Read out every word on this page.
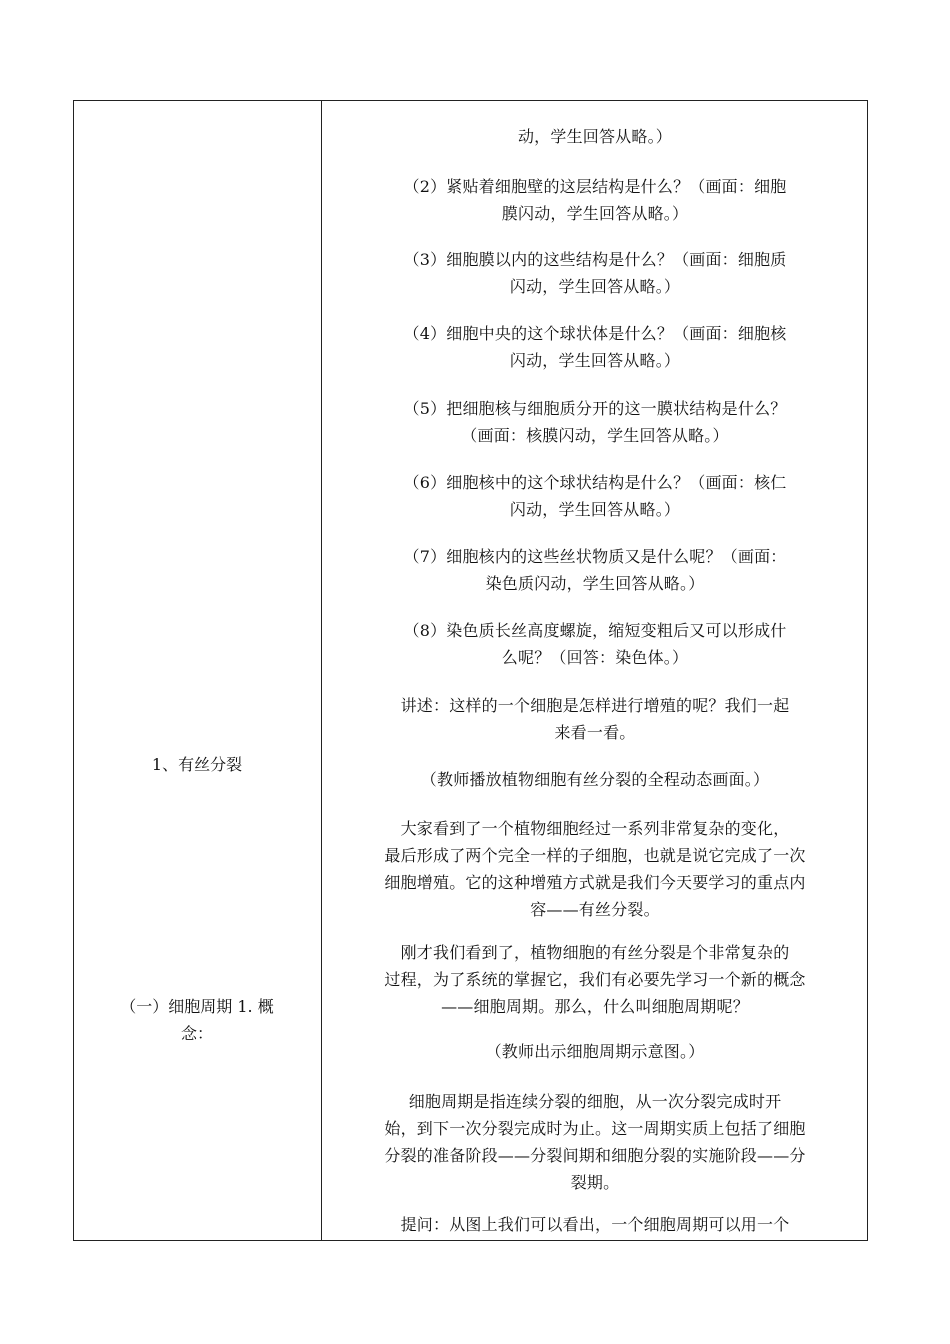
1、有丝分裂
（一）细胞周期 1. 概
念：
动，学生回答从略。）
（2）紧贴着细胞壁的这层结构是什么？（画面：细胞
膜闪动，学生回答从略。）
（3）细胞膜以内的这些结构是什么？（画面：细胞质
闪动，学生回答从略。）
（4）细胞中央的这个球状体是什么？（画面：细胞核
闪动，学生回答从略。）
（5）把细胞核与细胞质分开的这一膜状结构是什么？
（画面：核膜闪动，学生回答从略。）
（6）细胞核中的这个球状结构是什么？（画面：核仁
闪动，学生回答从略。）
（7）细胞核内的这些丝状物质又是什么呢？（画面：
染色质闪动，学生回答从略。）
（8）染色质长丝高度螺旋，缩短变粗后又可以形成什
么呢？（回答：染色体。）
讲述：这样的一个细胞是怎样进行增殖的呢？我们一起
来看一看。
（教师播放植物细胞有丝分裂的全程动态画面。）
大家看到了一个植物细胞经过一系列非常复杂的变化，
最后形成了两个完全一样的子细胞，也就是说它完成了一次
细胞增殖。它的这种增殖方式就是我们今天要学习的重点内
容——有丝分裂。
刚才我们看到了，植物细胞的有丝分裂是个非常复杂的
过程，为了系统的掌握它，我们有必要先学习一个新的概念
——细胞周期。那么，什么叫细胞周期呢？
（教师出示细胞周期示意图。）
细胞周期是指连续分裂的细胞，从一次分裂完成时开
始，到下一次分裂完成时为止。这一周期实质上包括了细胞
分裂的准备阶段——分裂间期和细胞分裂的实施阶段——分
裂期。
提问：从图上我们可以看出，一个细胞周期可以用一个
